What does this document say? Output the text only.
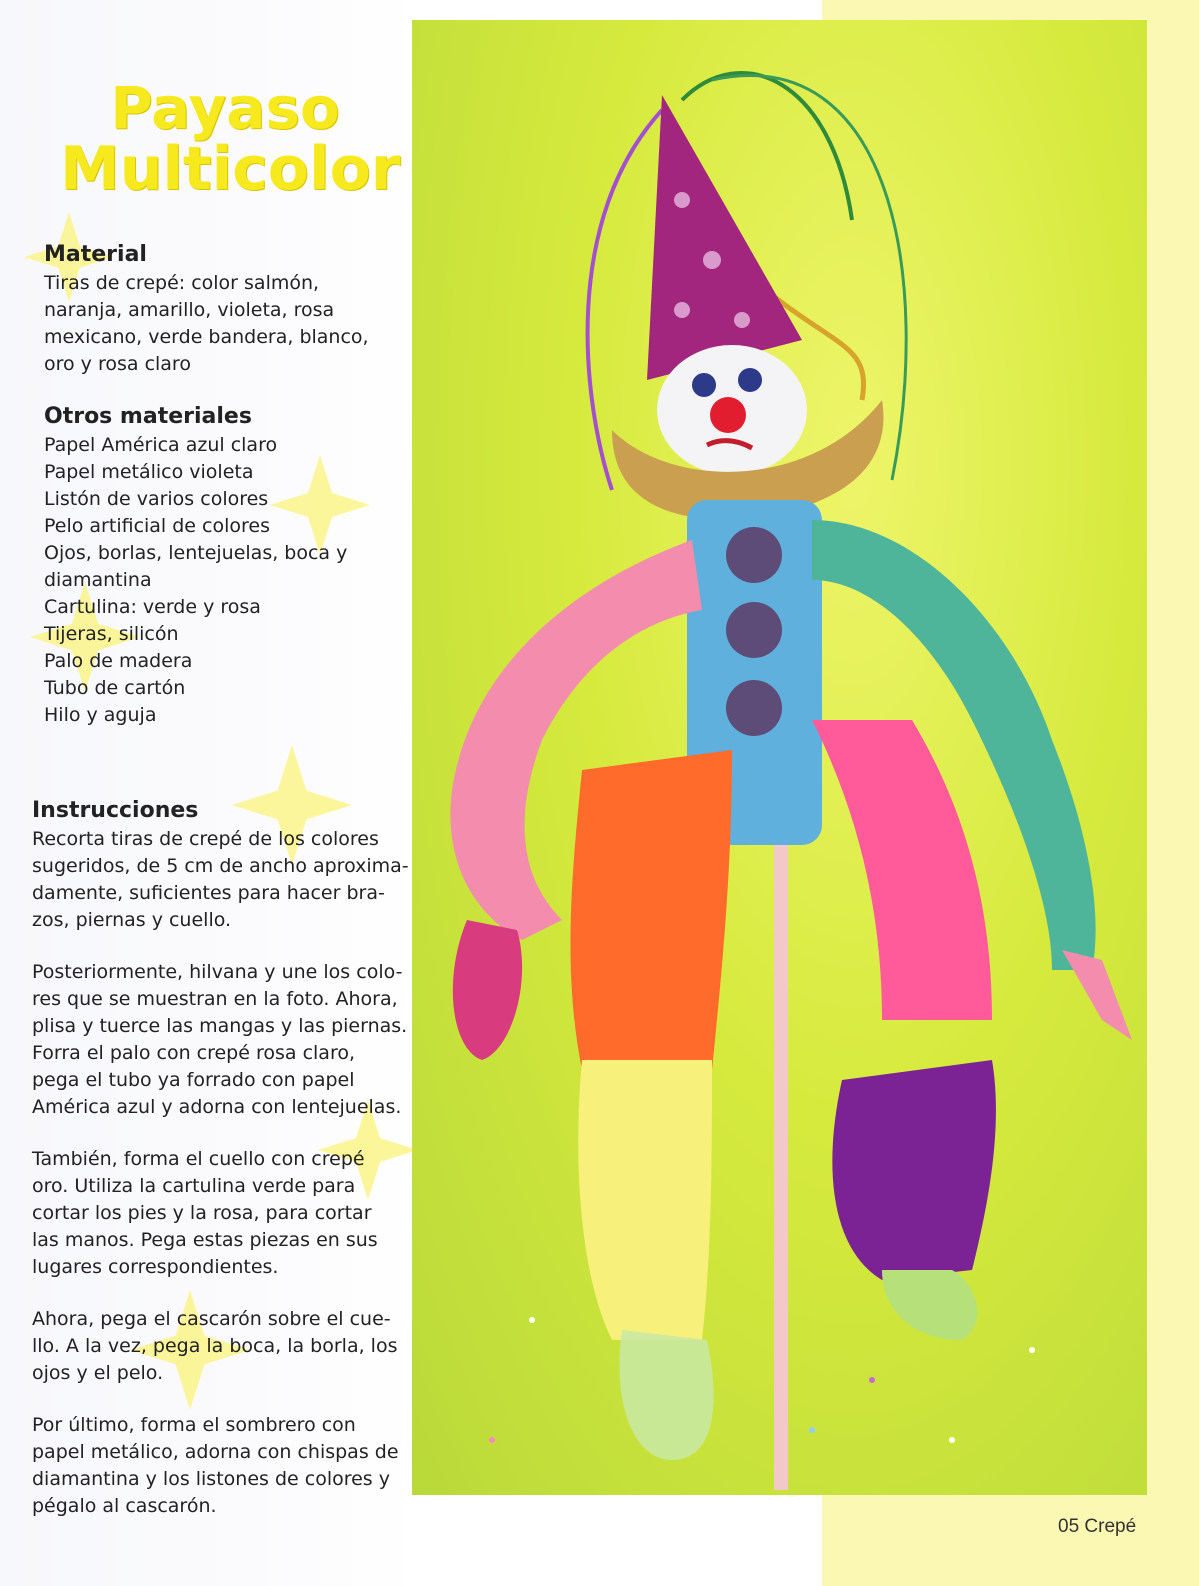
Payaso
Multicolor

Material

Tiras de crepé: color salmón,
naranja, amarillo, violeta, rosa
mexicano, verde bandera, blanco,
oro y rosa claro

Otros materiales

Papel América azul claro
Papel metálico violeta
Listón de varios colores
Pelo artificial de colores
Ojos, borlas, lentejuelas, boca y
diamantina
Cartulina: verde y rosa
Tijeras, silicón
Palo de madera
Tubo de cartón
Hilo y aguja

Instrucciones

Recorta tiras de crepé de los colores
sugeridos, de 5 cm de ancho aproxima-
damente, suficientes para hacer bra-
zos, piernas y cuello.
Posteriormente, hilvana y une los colo-
res que se muestran en la foto. Ahora,
plisa y tuerce las mangas y las piernas.
Forra el palo con crepé rosa claro,
pega el tubo ya forrado con papel
América azul y adorna con lentejuelas.
También, forma el cuello con crepé
oro. Utiliza la cartulina verde para
cortar los pies y la rosa, para cortar
las manos. Pega estas piezas en sus
lugares correspondientes.
Ahora, pega el cascarón sobre el cue-
llo. A la vez, pega la boca, la borla, los
ojos y el pelo.
Por último, forma el sombrero con
papel metálico, adorna con chispas de
diamantina y los listones de colores y
pégalo al cascarón.
05 Crepé
